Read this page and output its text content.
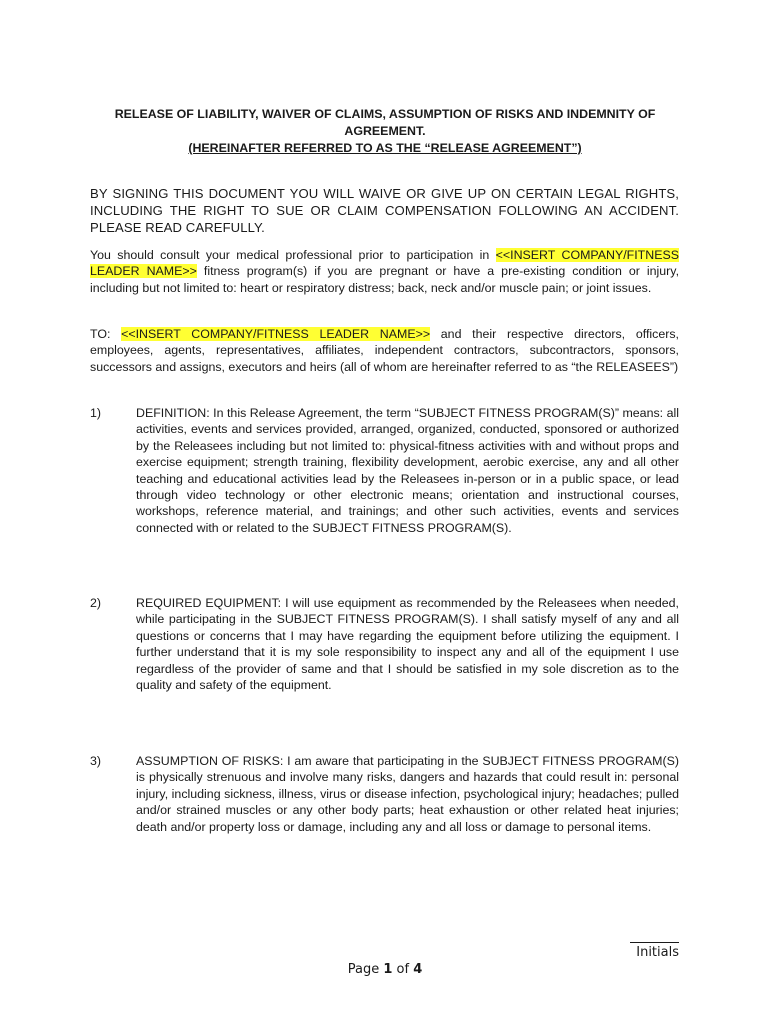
RELEASE OF LIABILITY, WAIVER OF CLAIMS, ASSUMPTION OF RISKS AND INDEMNITY OF AGREEMENT.
(HEREINAFTER REFERRED TO AS THE “RELEASE AGREEMENT”)
BY SIGNING THIS DOCUMENT YOU WILL WAIVE OR GIVE UP ON CERTAIN LEGAL RIGHTS, INCLUDING THE RIGHT TO SUE OR CLAIM COMPENSATION FOLLOWING AN ACCIDENT. PLEASE READ CAREFULLY.
You should consult your medical professional prior to participation in <<INSERT COMPANY/FITNESS LEADER NAME>> fitness program(s) if you are pregnant or have a pre-existing condition or injury, including but not limited to: heart or respiratory distress; back, neck and/or muscle pain; or joint issues.
TO: <<INSERT COMPANY/FITNESS LEADER NAME>> and their respective directors, officers, employees, agents, representatives, affiliates, independent contractors, subcontractors, sponsors, successors and assigns, executors and heirs (all of whom are hereinafter referred to as “the RELEASEES”)
1)	DEFINITION: In this Release Agreement, the term “SUBJECT FITNESS PROGRAM(S)” means: all activities, events and services provided, arranged, organized, conducted, sponsored or authorized by the Releasees including but not limited to: physical-fitness activities with and without props and exercise equipment; strength training, flexibility development, aerobic exercise, any and all other teaching and educational activities lead by the Releasees in-person or in a public space, or lead through video technology or other electronic means; orientation and instructional courses, workshops, reference material, and trainings; and other such activities, events and services connected with or related to the SUBJECT FITNESS PROGRAM(S).
2)	REQUIRED EQUIPMENT: I will use equipment as recommended by the Releasees when needed, while participating in the SUBJECT FITNESS PROGRAM(S). I shall satisfy myself of any and all questions or concerns that I may have regarding the equipment before utilizing the equipment. I further understand that it is my sole responsibility to inspect any and all of the equipment I use regardless of the provider of same and that I should be satisfied in my sole discretion as to the quality and safety of the equipment.
3)	ASSUMPTION OF RISKS: I am aware that participating in the SUBJECT FITNESS PROGRAM(S) is physically strenuous and involve many risks, dangers and hazards that could result in: personal injury, including sickness, illness, virus or disease infection, psychological injury; headaches; pulled and/or strained muscles or any other body parts; heat exhaustion or other related heat injuries; death and/or property loss or damage, including any and all loss or damage to personal items.
Initials
Page 1 of 4
